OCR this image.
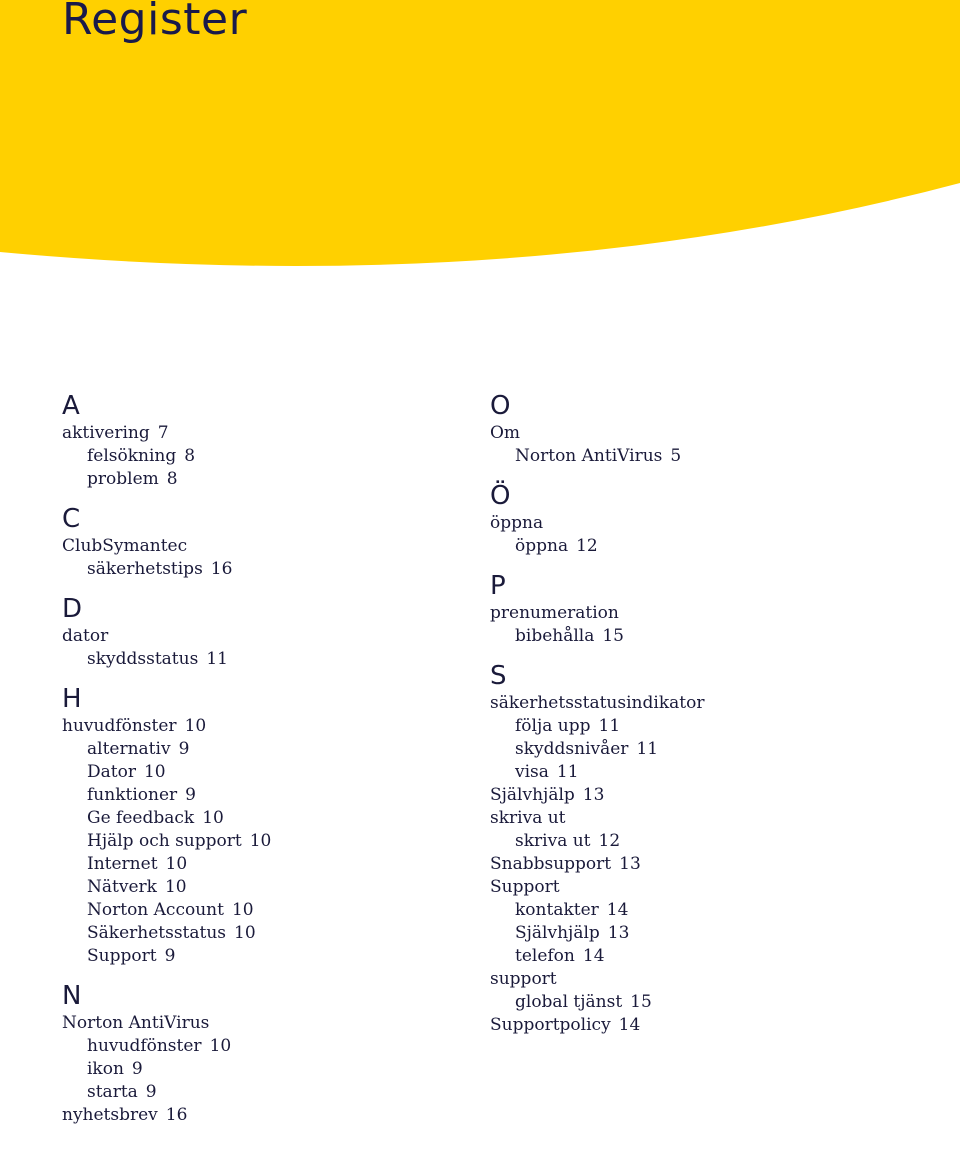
Register
A
aktivering 7
felsökning 8
problem 8
C
ClubSymantec
säkerhetstips 16
D
dator
skyddsstatus 11
H
huvudfönster 10
alternativ 9
Dator 10
funktioner 9
Ge feedback 10
Hjälp och support 10
Internet 10
Nätverk 10
Norton Account 10
Säkerhetsstatus 10
Support 9
N
Norton AntiVirus
huvudfönster 10
ikon 9
starta 9
nyhetsbrev 16
O
Om
Norton AntiVirus 5
Ö
öppna
öppna 12
P
prenumeration
bibehålla 15
S
säkerhetsstatusindikator
följa upp 11
skyddsnivåer 11
visa 11
Självhjälp 13
skriva ut
skriva ut 12
Snabbsupport 13
Support
kontakter 14
Självhjälp 13
telefon 14
support
global tjänst 15
Supportpolicy 14
